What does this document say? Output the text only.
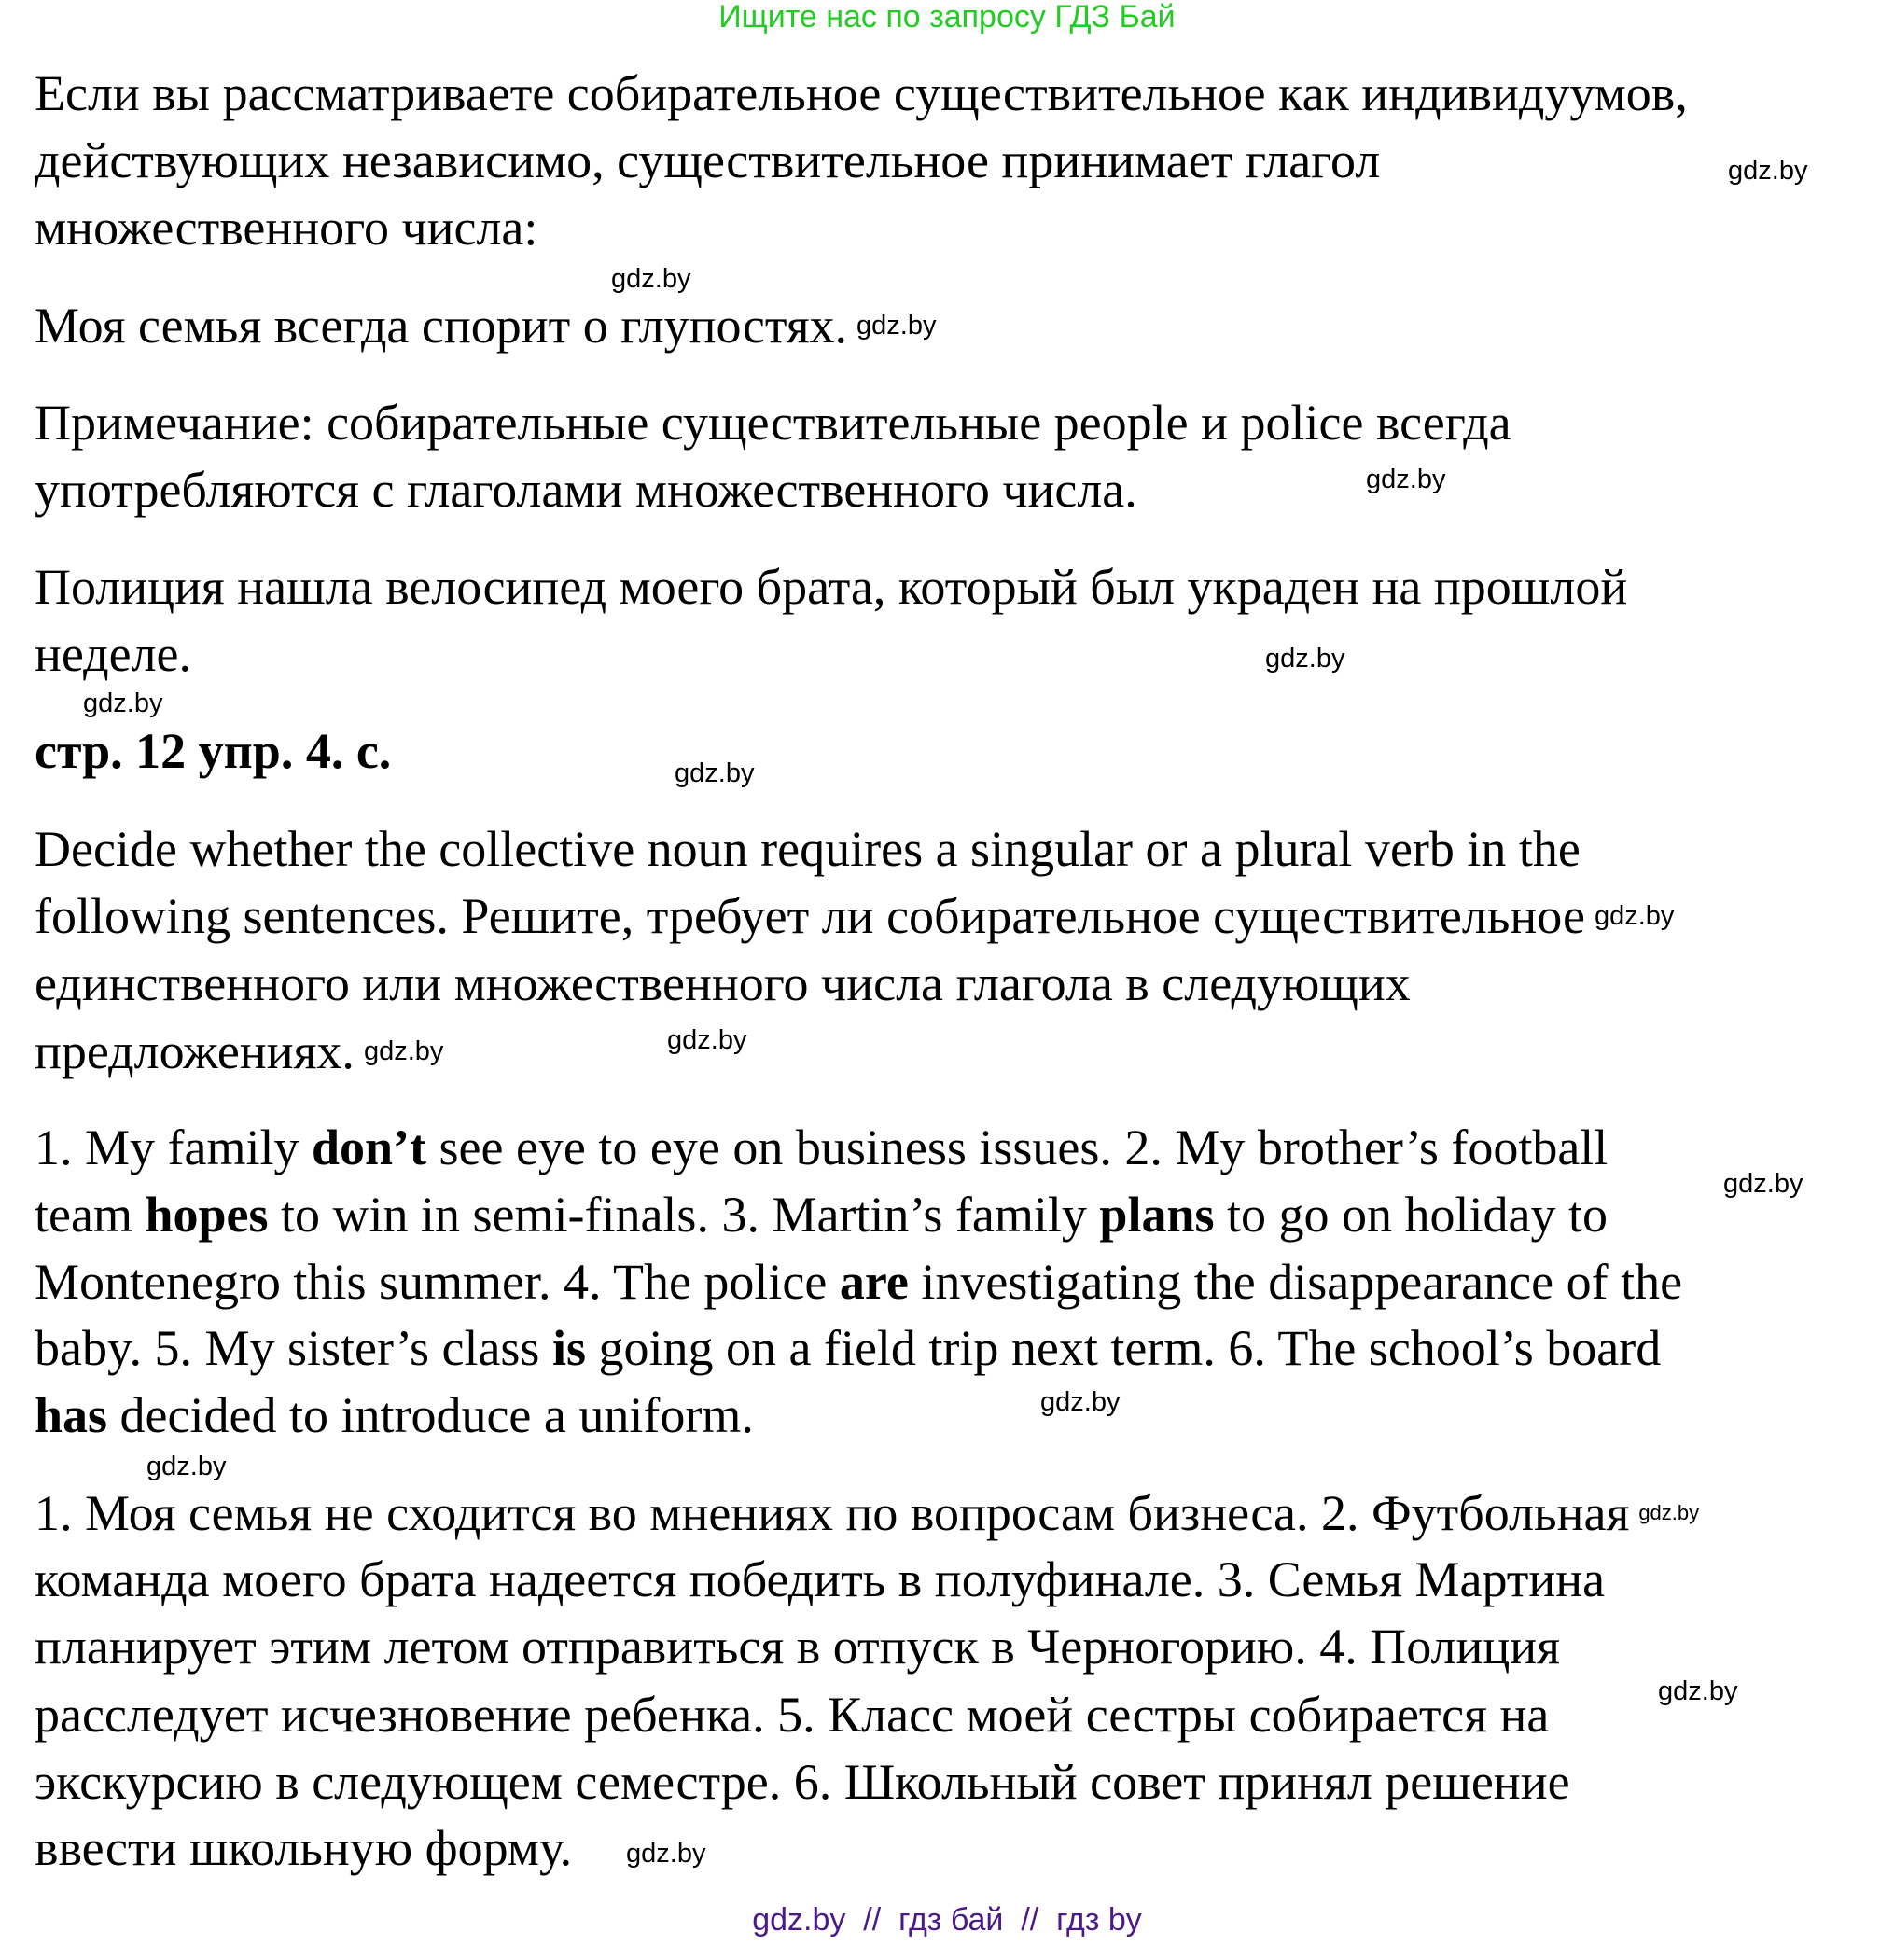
Ищите нас по запросу ГДЗ Бай
Если вы рассматриваете собирательное существительное как индивидуумов,
действующих независимо, существительное принимает глагол
множественного числа:
Моя семья всегда спорит о глупостях.
Примечание: собирательные существительные people и police всегда
употребляются с глаголами множественного числа.
Полиция нашла велосипед моего брата, который был украден на прошлой
неделе.
стр. 12 упр. 4. с.
Decide whether the collective noun requires a singular or a plural verb in the
following sentences. Решите, требует ли собирательное существительное
единственного или множественного числа глагола в следующих
предложениях.
1. My family don’t see eye to eye on business issues. 2. My brother’s football
team hopes to win in semi-finals. 3. Martin’s family plans to go on holiday to
Montenegro this summer. 4. The police are investigating the disappearance of the
baby. 5. My sister’s class is going on a field trip next term. 6. The school’s board
has decided to introduce a uniform.
1. Моя семья не сходится во мнениях по вопросам бизнеса. 2. Футбольная
команда моего брата надеется победить в полуфинале. 3. Семья Мартина
планирует этим летом отправиться в отпуск в Черногорию. 4. Полиция
расследует исчезновение ребенка. 5. Класс моей сестры собирается на
экскурсию в следующем семестре. 6. Школьный совет принял решение
ввести школьную форму.
gdz.by
gdz.by
gdz.by
gdz.by
gdz.by
gdz.by
gdz.by
gdz.by
gdz.by
gdz.by
gdz.by
gdz.by
gdz.by
gdz.by
gdz.by
gdz.by
gdz.by  //  гдз бай  //  гдз by
